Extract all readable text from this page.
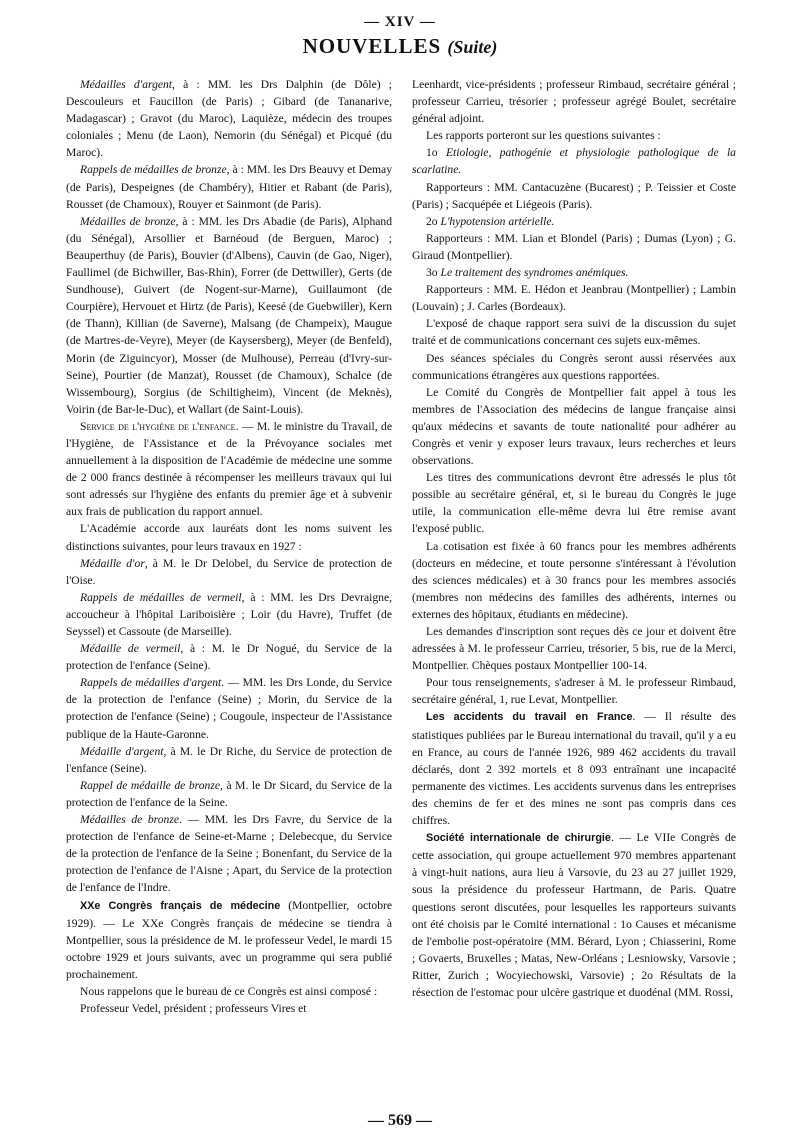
— XIV —
NOUVELLES (Suite)

Médailles d'argent, à : MM. les Drs Dalphin (de Dôle) ; Descouleurs et Faucillon (de Paris) ; Gibard (de Tananarive, Madagascar) ; Gravot (du Maroc), Laquièze, médecin des troupes coloniales ; Menu (de Laon), Nemorin (du Sénégal) et Picqué (du Maroc).

Rappels de médailles de bronze, à : MM. les Drs Beauvy et Demay (de Paris), Despeignes (de Chambéry), Hitier et Rabant (de Paris), Rousset (de Chamoux), Rouyer et Sainmont (de Paris).

Médailles de bronze, à : MM. les Drs Abadie (de Paris), Alphand (du Sénégal), Arsollier et Barnéoud (de Berguen, Maroc) ; Beauperthuy (de Paris), Bouvier (d'Albens), Cauvin (de Gao, Niger), Faullimel (de Bichwiller, Bas-Rhin), Forrer (de Dettwiller), Gerts (de Sundhouse), Guivert (de Nogent-sur-Marne), Guillaumont (de Courpière), Hervouet et Hirtz (de Paris), Keesé (de Guebwiller), Kern (de Thann), Killian (de Saverne), Malsang (de Champeix), Maugue (de Martres-de-Veyre), Meyer (de Kaysersberg), Meyer (de Benfeld), Morin (de Ziguincyor), Mosser (de Mulhouse), Perreau (d'Ivry-sur-Seine), Pourtier (de Manzat), Rousset (de Chamoux), Schalce (de Wissembourg), Sorgius (de Schiltigheim), Vincent (de Meknès), Voirin (de Bar-le-Duc), et Wallart (de Saint-Louis).

Service de l'hygiène de l'enfance. — M. le ministre du Travail, de l'Hygiène, de l'Assistance et de la Prévoyance sociales met annuellement à la disposition de l'Académie de médecine une somme de 2 000 francs destinée à récompenser les meilleurs travaux qui lui sont adressés sur l'hygiène des enfants du premier âge et à subvenir aux frais de publication du rapport annuel.

L'Académie accorde aux lauréats dont les noms suivent les distinctions suivantes, pour leurs travaux en 1927 :

Médaille d'or, à M. le Dr Delobel, du Service de protection de l'Oise.

Rappels de médailles de vermeil, à : MM. les Drs Devraigne, accoucheur à l'hôpital Lariboisière ; Loir (du Havre), Truffet (de Seyssel) et Cassoute (de Marseille).

Médaille de vermeil, à : M. le Dr Nogué, du Service de la protection de l'enfance (Seine).

Rappels de médailles d'argent. — MM. les Drs Londe, du Service de la protection de l'enfance (Seine) ; Morin, du Service de la protection de l'enfance (Seine) ; Cougoule, inspecteur de l'Assistance publique de la Haute-Garonne.

Médaille d'argent, à M. le Dr Riche, du Service de protection de l'enfance (Seine).

Rappel de médaille de bronze, à M. le Dr Sicard, du Service de la protection de l'enfance de la Seine.

Médailles de bronze. — MM. les Drs Favre, du Service de la protection de l'enfance de Seine-et-Marne ; Delebecque, du Service de la protection de l'enfance de la Seine ; Bonenfant, du Service de la protection de l'enfance de l'Aisne ; Apart, du Service de la protection de l'enfance de l'Indre.

XXe Congrès français de médecine (Montpellier, octobre 1929). — Le XXe Congrès français de médecine se tiendra à Montpellier, sous la présidence de M. le professeur Vedel, le mardi 15 octobre 1929 et jours suivants, avec un programme qui sera publié prochainement.

Nous rappelons que le bureau de ce Congrès est ainsi composé :

Professeur Vedel, président ; professeurs Vires et

Leenhardt, vice-présidents ; professeur Rimbaud, secrétaire général ; professeur Carrieu, trésorier ; professeur agrégé Boulet, secrétaire général adjoint.

Les rapports porteront sur les questions suivantes :

1o Etiologie, pathogénie et physiologie pathologique de la scarlatine.

Rapporteurs : MM. Cantacuzène (Bucarest) ; P. Teissier et Coste (Paris) ; Sacquépée et Liégeois (Paris).

2o L'hypotension artérielle.

Rapporteurs : MM. Lian et Blondel (Paris) ; Dumas (Lyon) ; G. Giraud (Montpellier).

3o Le traitement des syndromes anémiques.

Rapporteurs : MM. E. Hédon et Jeanbrau (Montpellier) ; Lambin (Louvain) ; J. Carles (Bordeaux).

L'exposé de chaque rapport sera suivi de la discussion du sujet traité et de communications concernant ces sujets eux-mêmes.

Des séances spéciales du Congrès seront aussi réservées aux communications étrangères aux questions rapportées.

Le Comité du Congrès de Montpellier fait appel à tous les membres de l'Association des médecins de langue française ainsi qu'aux médecins et savants de toute nationalité pour adhérer au Congrès et venir y exposer leurs travaux, leurs recherches et leurs observations.

Les titres des communications devront être adressés le plus tôt possible au secrétaire général, et, si le bureau du Congrès le juge utile, la communication elle-même devra lui être remise avant l'exposé public.

La cotisation est fixée à 60 francs pour les membres adhérents (docteurs en médecine, et toute personne s'intéressant à l'évolution des sciences médicales) et à 30 francs pour les membres associés (membres non médecins des familles des adhérents, internes ou externes des hôpitaux, étudiants en médecine).

Les demandes d'inscription sont reçues dès ce jour et doivent être adressées à M. le professeur Carrieu, trésorier, 5 bis, rue de la Merci, Montpellier. Chèques postaux Montpellier 100-14.

Pour tous renseignements, s'adreser à M. le professeur Rimbaud, secrétaire général, 1, rue Levat, Montpellier.

Les accidents du travail en France. — Il résulte des statistiques publiées par le Bureau international du travail, qu'il y a eu en France, au cours de l'année 1926, 989 462 accidents du travail déclarés, dont 2 392 mortels et 8 093 entraînant une incapacité permanente des victimes. Les accidents survenus dans les entreprises des chemins de fer et des mines ne sont pas compris dans ces chiffres.

Société internationale de chirurgie. — Le VIIe Congrès de cette association, qui groupe actuellement 970 membres appartenant à vingt-huit nations, aura lieu à Varsovie, du 23 au 27 juillet 1929, sous la présidence du professeur Hartmann, de Paris. Quatre questions seront discutées, pour lesquelles les rapporteurs suivants ont été choisis par le Comité international : 1o Causes et mécanisme de l'embolie post-opératoire (MM. Bérard, Lyon ; Chiasserini, Rome ; Govaerts, Bruxelles ; Matas, New-Orléans ; Lesniowsky, Varsovie ; Ritter, Zurich ; Wocyiechowski, Varsovie) ; 2o Résultats de la résection de l'estomac pour ulcère gastrique et duodénal (MM. Rossi,

— 569 —
